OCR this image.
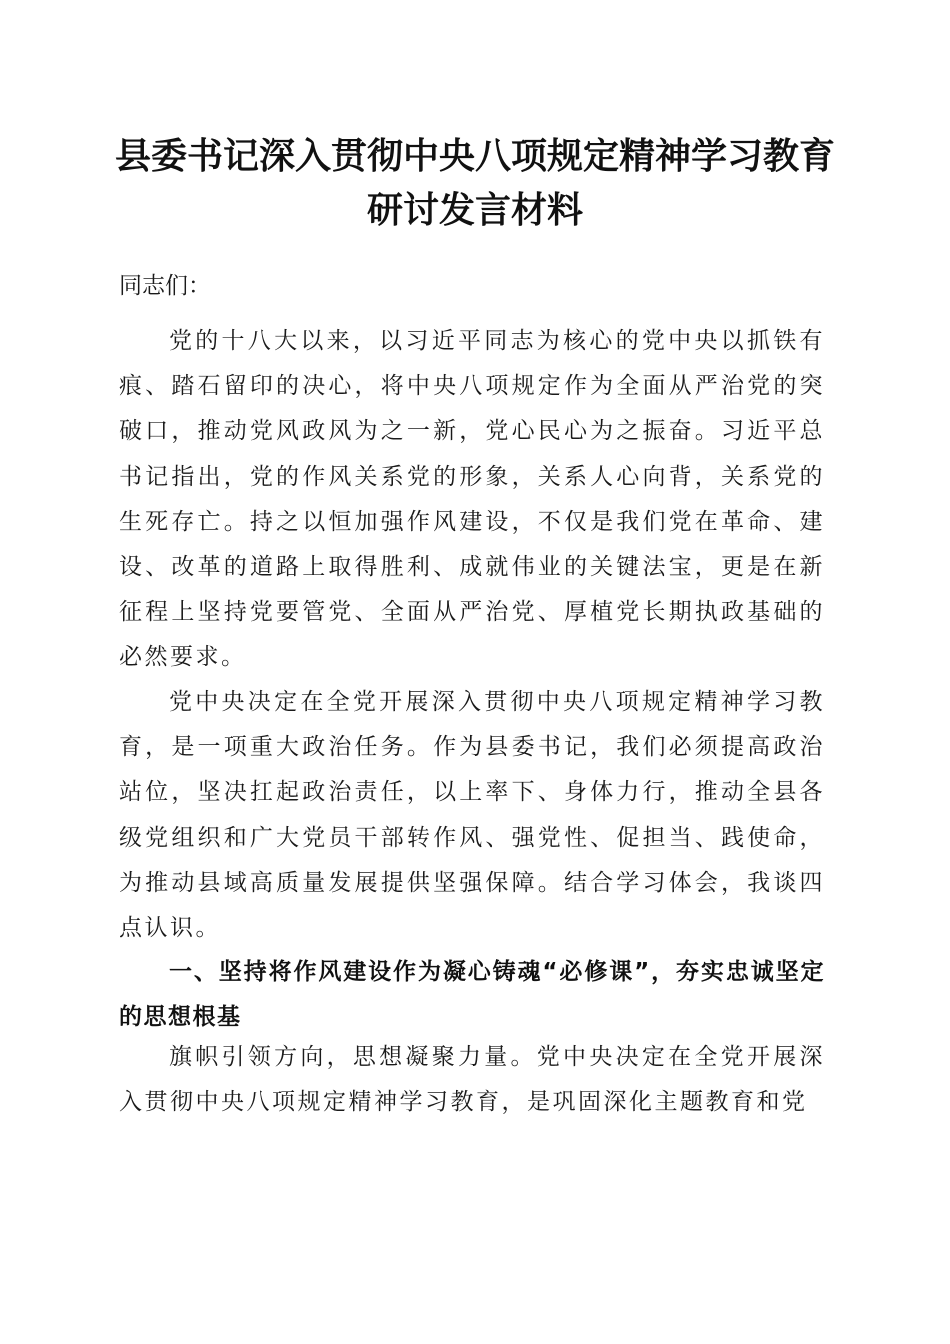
县委书记深入贯彻中央八项规定精神学习教育
研讨发言材料
同志们：

党的十八大以来，以习近平同志为核心的党中央以抓铁有痕、踏石留印的决心，将中央八项规定作为全面从严治党的突破口，推动党风政风为之一新，党心民心为之振奋。习近平总书记指出，党的作风关系党的形象，关系人心向背，关系党的生死存亡。持之以恒加强作风建设，不仅是我们党在革命、建设、改革的道路上取得胜利、成就伟业的关键法宝，更是在新征程上坚持党要管党、全面从严治党、厚植党长期执政基础的必然要求。

党中央决定在全党开展深入贯彻中央八项规定精神学习教育，是一项重大政治任务。作为县委书记，我们必须提高政治站位，坚决扛起政治责任，以上率下、身体力行，推动全县各级党组织和广大党员干部转作风、强党性、促担当、践使命，为推动县域高质量发展提供坚强保障。结合学习体会，我谈四点认识。

一、坚持将作风建设作为凝心铸魂“必修课”，夯实忠诚坚定的思想根基

旗帜引领方向，思想凝聚力量。党中央决定在全党开展深入贯彻中央八项规定精神学习教育，是巩固深化主题教育和党
